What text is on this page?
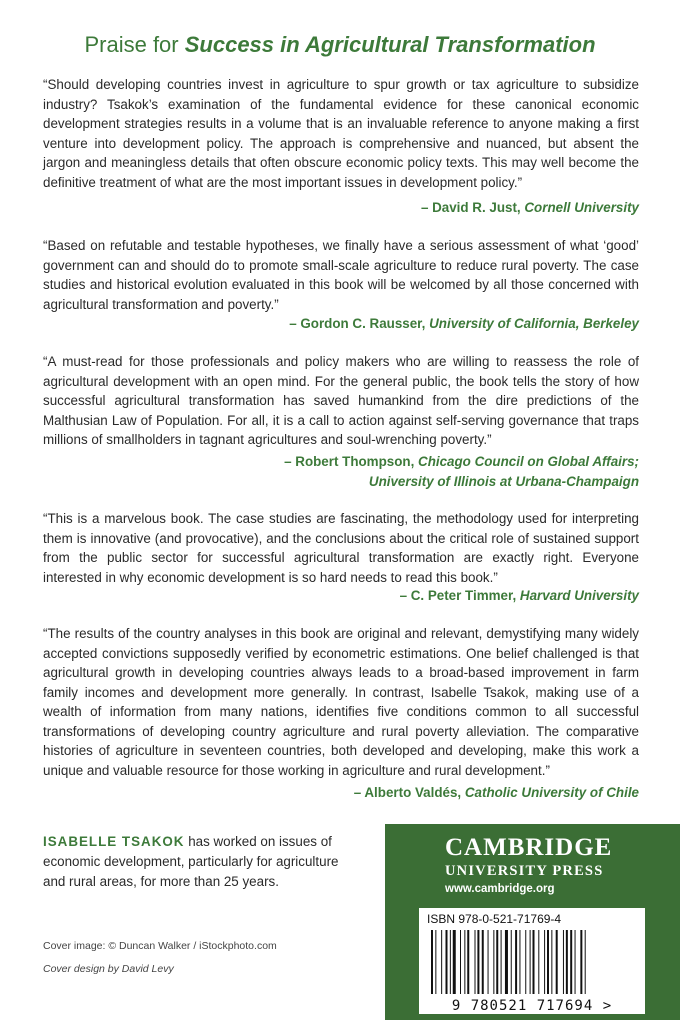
Praise for Success in Agricultural Transformation
“Should developing countries invest in agriculture to spur growth or tax agriculture to subsidize industry? Tsakok’s examination of the fundamental evidence for these canonical economic development strategies results in a volume that is an invaluable reference to anyone making a first venture into development policy. The approach is comprehensive and nuanced, but absent the jargon and meaningless details that often obscure economic policy texts. This may well become the definitive treatment of what are the most important issues in development policy.”
– David R. Just, Cornell University
“Based on refutable and testable hypotheses, we finally have a serious assessment of what ‘good’ government can and should do to promote small-scale agriculture to reduce rural poverty. The case studies and historical evolution evaluated in this book will be welcomed by all those concerned with agricultural transformation and poverty.”
– Gordon C. Rausser, University of California, Berkeley
“A must-read for those professionals and policy makers who are willing to reassess the role of agricultural development with an open mind. For the general public, the book tells the story of how successful agricultural transformation has saved humankind from the dire predictions of the Malthusian Law of Population. For all, it is a call to action against self-serving governance that traps millions of smallholders in tagnant agricultures and soul-wrenching poverty.”
– Robert Thompson, Chicago Council on Global Affairs;
University of Illinois at Urbana-Champaign
“This is a marvelous book. The case studies are fascinating, the methodology used for interpreting them is innovative (and provocative), and the conclusions about the critical role of sustained support from the public sector for successful agricultural transformation are exactly right. Everyone interested in why economic development is so hard needs to read this book.”
– C. Peter Timmer, Harvard University
“The results of the country analyses in this book are original and relevant, demystifying many widely accepted convictions supposedly verified by econometric estimations. One belief challenged is that agricultural growth in developing countries always leads to a broad-based improvement in farm family incomes and development more generally. In contrast, Isabelle Tsakok, making use of a wealth of information from many nations, identifies five conditions common to all successful transformations of developing country agriculture and rural poverty alleviation. The comparative histories of agriculture in seventeen countries, both developed and developing, make this work a unique and valuable resource for those working in agriculture and rural development.”
– Alberto Valdés, Catholic University of Chile
ISABELLE TSAKOK has worked on issues of economic development, particularly for agriculture and rural areas, for more than 25 years.
Cover image: © Duncan Walker / iStockphoto.com
Cover design by David Levy
CAMBRIDGE
UNIVERSITY PRESS
www.cambridge.org
ISBN 978-0-521-71769-4
9 780521 717694 >
